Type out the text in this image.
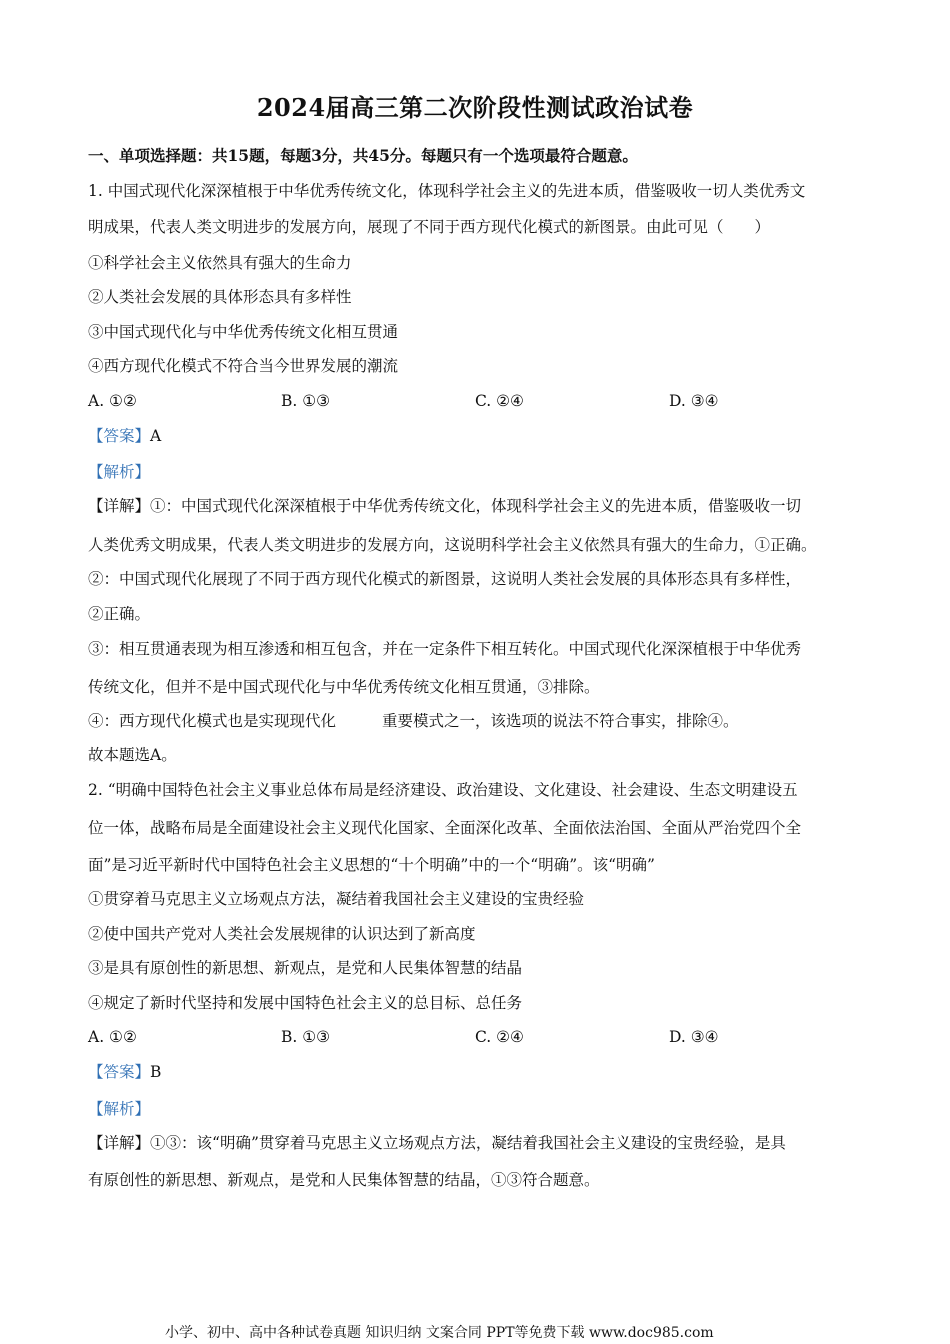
2024届高三第二次阶段性测试政治试卷
一、单项选择题：共15题，每题3分，共45分。每题只有一个选项最符合题意。
1. 中国式现代化深深植根于中华优秀传统文化，体现科学社会主义的先进本质，借鉴吸收一切人类优秀文
明成果，代表人类文明进步的发展方向，展现了不同于西方现代化模式的新图景。由此可见（　　）
①科学社会主义依然具有强大的生命力
②人类社会发展的具体形态具有多样性
③中国式现代化与中华优秀传统文化相互贯通
④西方现代化模式不符合当今世界发展的潮流
A. ①②	B. ①③	C. ②④	D. ③④
【答案】A
【解析】
【详解】①：中国式现代化深深植根于中华优秀传统文化，体现科学社会主义的先进本质，借鉴吸收一切
人类优秀文明成果，代表人类文明进步的发展方向，这说明科学社会主义依然具有强大的生命力，①正确。
②：中国式现代化展现了不同于西方现代化模式的新图景，这说明人类社会发展的具体形态具有多样性，
②正确。
③：相互贯通表现为相互渗透和相互包含，并在一定条件下相互转化。中国式现代化深深植根于中华优秀
传统文化，但并不是中国式现代化与中华优秀传统文化相互贯通，③排除。
④：西方现代化模式也是实现现代化	重要模式之一，该选项的说法不符合事实，排除④。
故本题选A。
2. “明确中国特色社会主义事业总体布局是经济建设、政治建设、文化建设、社会建设、生态文明建设五
位一体，战略布局是全面建设社会主义现代化国家、全面深化改革、全面依法治国、全面从严治党四个全
面”是习近平新时代中国特色社会主义思想的“十个明确”中的一个“明确”。该“明确”
①贯穿着马克思主义立场观点方法，凝结着我国社会主义建设的宝贵经验
②使中国共产党对人类社会发展规律的认识达到了新高度
③是具有原创性的新思想、新观点，是党和人民集体智慧的结晶
④规定了新时代坚持和发展中国特色社会主义的总目标、总任务
A. ①②	B. ①③	C. ②④	D. ③④
【答案】B
【解析】
【详解】①③：该“明确”贯穿着马克思主义立场观点方法，凝结着我国社会主义建设的宝贵经验，是具
有原创性的新思想、新观点，是党和人民集体智慧的结晶，①③符合题意。
小学、初中、高中各种试卷真题 知识归纳 文案合同 PPT等免费下载 www.doc985.com
